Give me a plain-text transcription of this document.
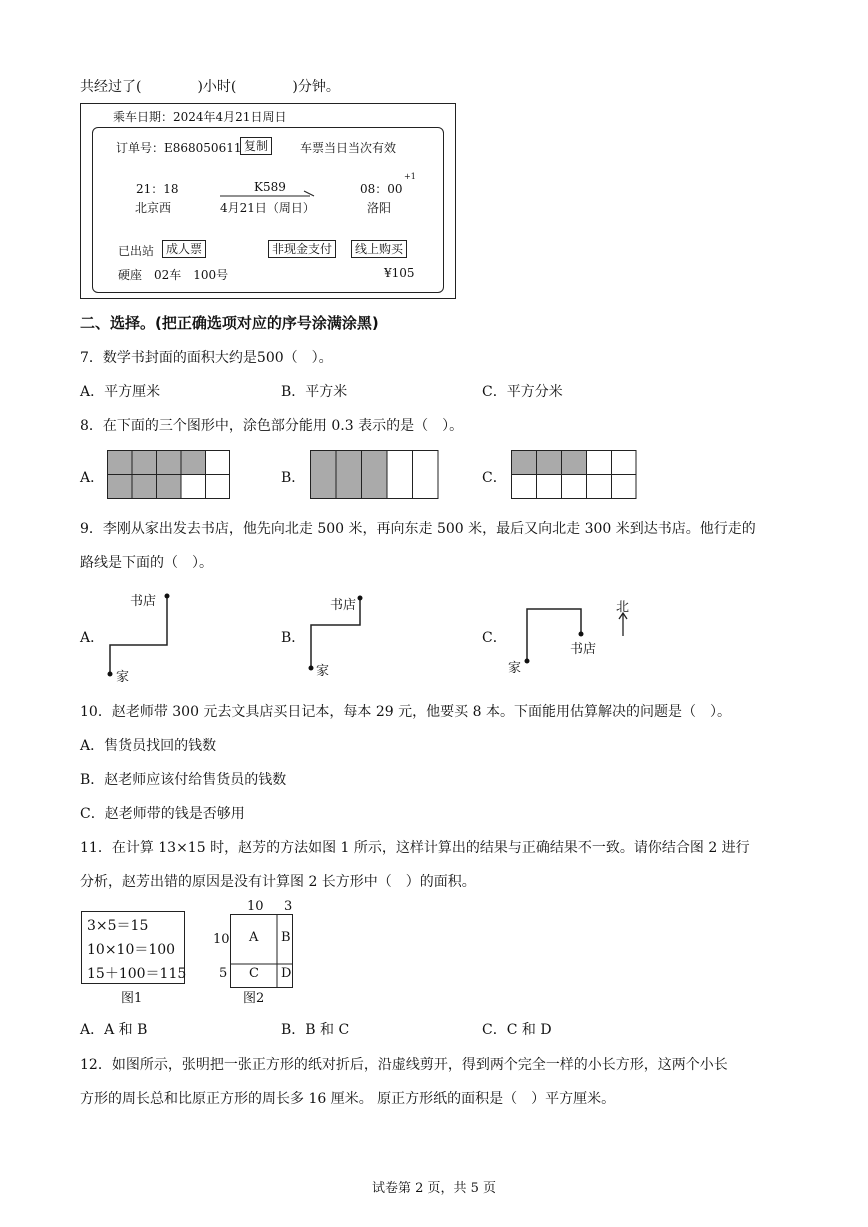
共经过了(　　　　)小时(　　　　)分钟。
乘车日期：2024年4月21日周日
订单号：E868050611 复制	车票当日当次有效
21：18	K589	08：00
+1
北京西	4月21日（周日）	洛阳
已出站 成人票	非现金支付	线上购买
硬座　02车　100号	¥105
二、选择。(把正确选项对应的序号涂满涂黑)
7．数学书封面的面积大约是500（　）。
A．平方厘米	B．平方米	C．平方分米
8．在下面的三个图形中，涂色部分能用 0.3 表示的是（　）。
A．	B．	C．
9．李刚从家出发去书店，他先向北走 500 米，再向东走 500 米，最后又向北走 300 米到达书店。他行走的
路线是下面的（　）。
A．	B．	C．
书店
家
书店
家
书店
家
北
10．赵老师带 300 元去文具店买日记本，每本 29 元，他要买 8 本。下面能用估算解决的问题是（　）。
A．售货员找回的钱数
B．赵老师应该付给售货员的钱数
C．赵老师带的钱是否够用
11．在计算 13×15 时，赵芳的方法如图 1 所示，这样计算出的结果与正确结果不一致。请你结合图 2 进行
分析，赵芳出错的原因是没有计算图 2 长方形中（　）的面积。
3×5＝15
10×10＝100
15＋100＝115
图1
10 3
10
5
A B
C D
图2
A．A 和 B	B．B 和 C	C．C 和 D
12．如图所示，张明把一张正方形的纸对折后，沿虚线剪开，得到两个完全一样的小长方形，这两个小长
方形的周长总和比原正方形的周长多 16 厘米。 原正方形纸的面积是（　）平方厘米。
试卷第 2 页，共 5 页
